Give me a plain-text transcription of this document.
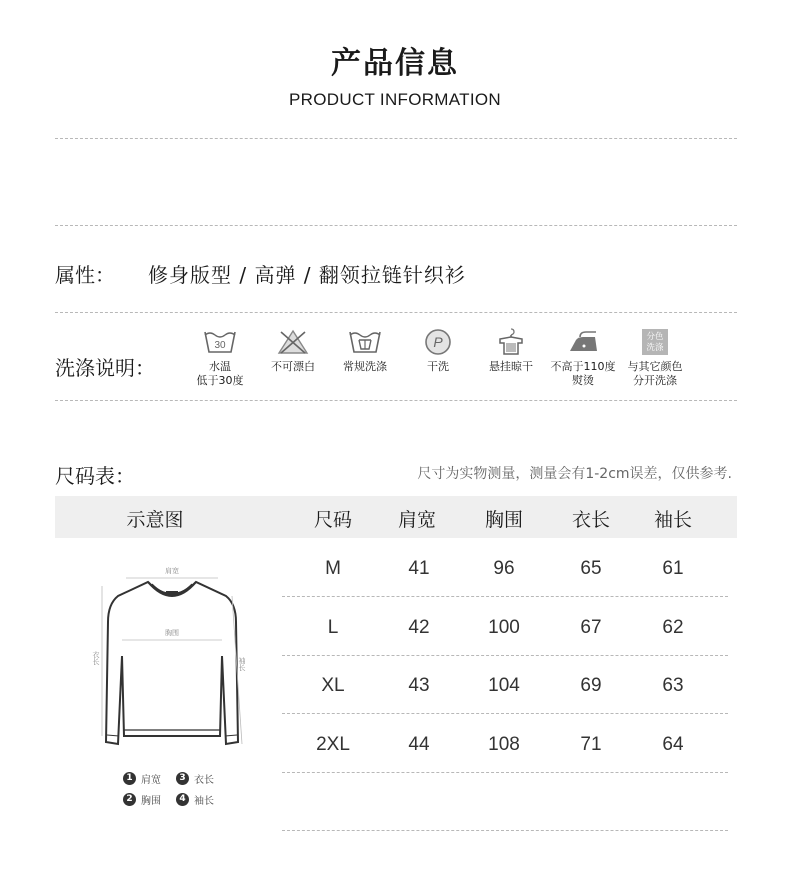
产品信息
PRODUCT INFORMATION
属性： 修身版型 / 高弹 / 翻领拉链针织衫
洗涤说明：
30
水温
低于30度
不可漂白	常规洗涤
P
干洗	悬挂晾干	不高于110度
熨烫
分色
洗涤
与其它颜色
分开洗涤
尺码表：	尺寸为实物测量，测量会有1-2cm误差，仅供参考.
示意图	尺码	肩宽	胸围	衣长	袖长
M	41	96	65	61
L	42	100	67	62
XL	43	104	69	63
2XL	44	108	71	64
肩宽
胸围
衣长	袖长
1 肩宽	3 衣长
2 胸围	4 袖长
